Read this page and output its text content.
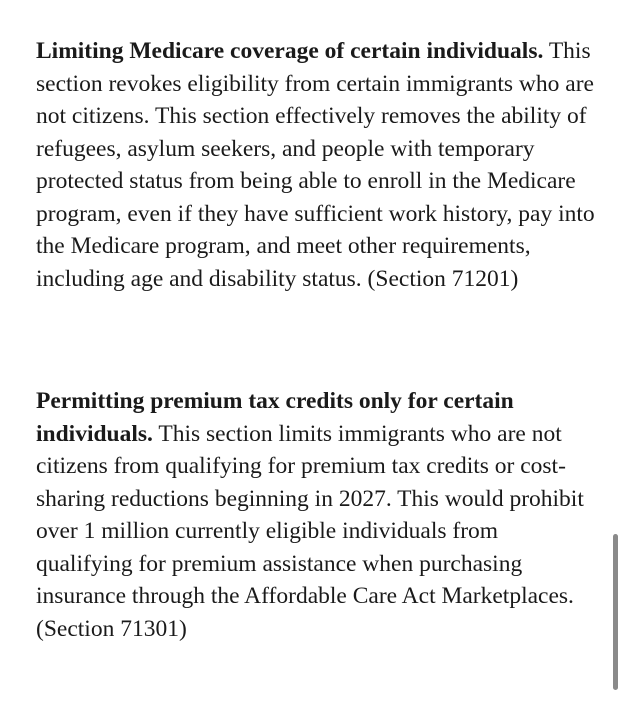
Limiting Medicare coverage of certain individuals. This section revokes eligibility from certain immigrants who are not citizens. This section effectively removes the ability of refugees, asylum seekers, and people with temporary protected status from being able to enroll in the Medicare program, even if they have sufficient work history, pay into the Medicare program, and meet other requirements, including age and disability status. (Section 71201)

Permitting premium tax credits only for certain individuals. This section limits immigrants who are not citizens from qualifying for premium tax credits or cost-sharing reductions beginning in 2027. This would prohibit over 1 million currently eligible individuals from qualifying for premium assistance when purchasing insurance through the Affordable Care Act Marketplaces. (Section 71301)
